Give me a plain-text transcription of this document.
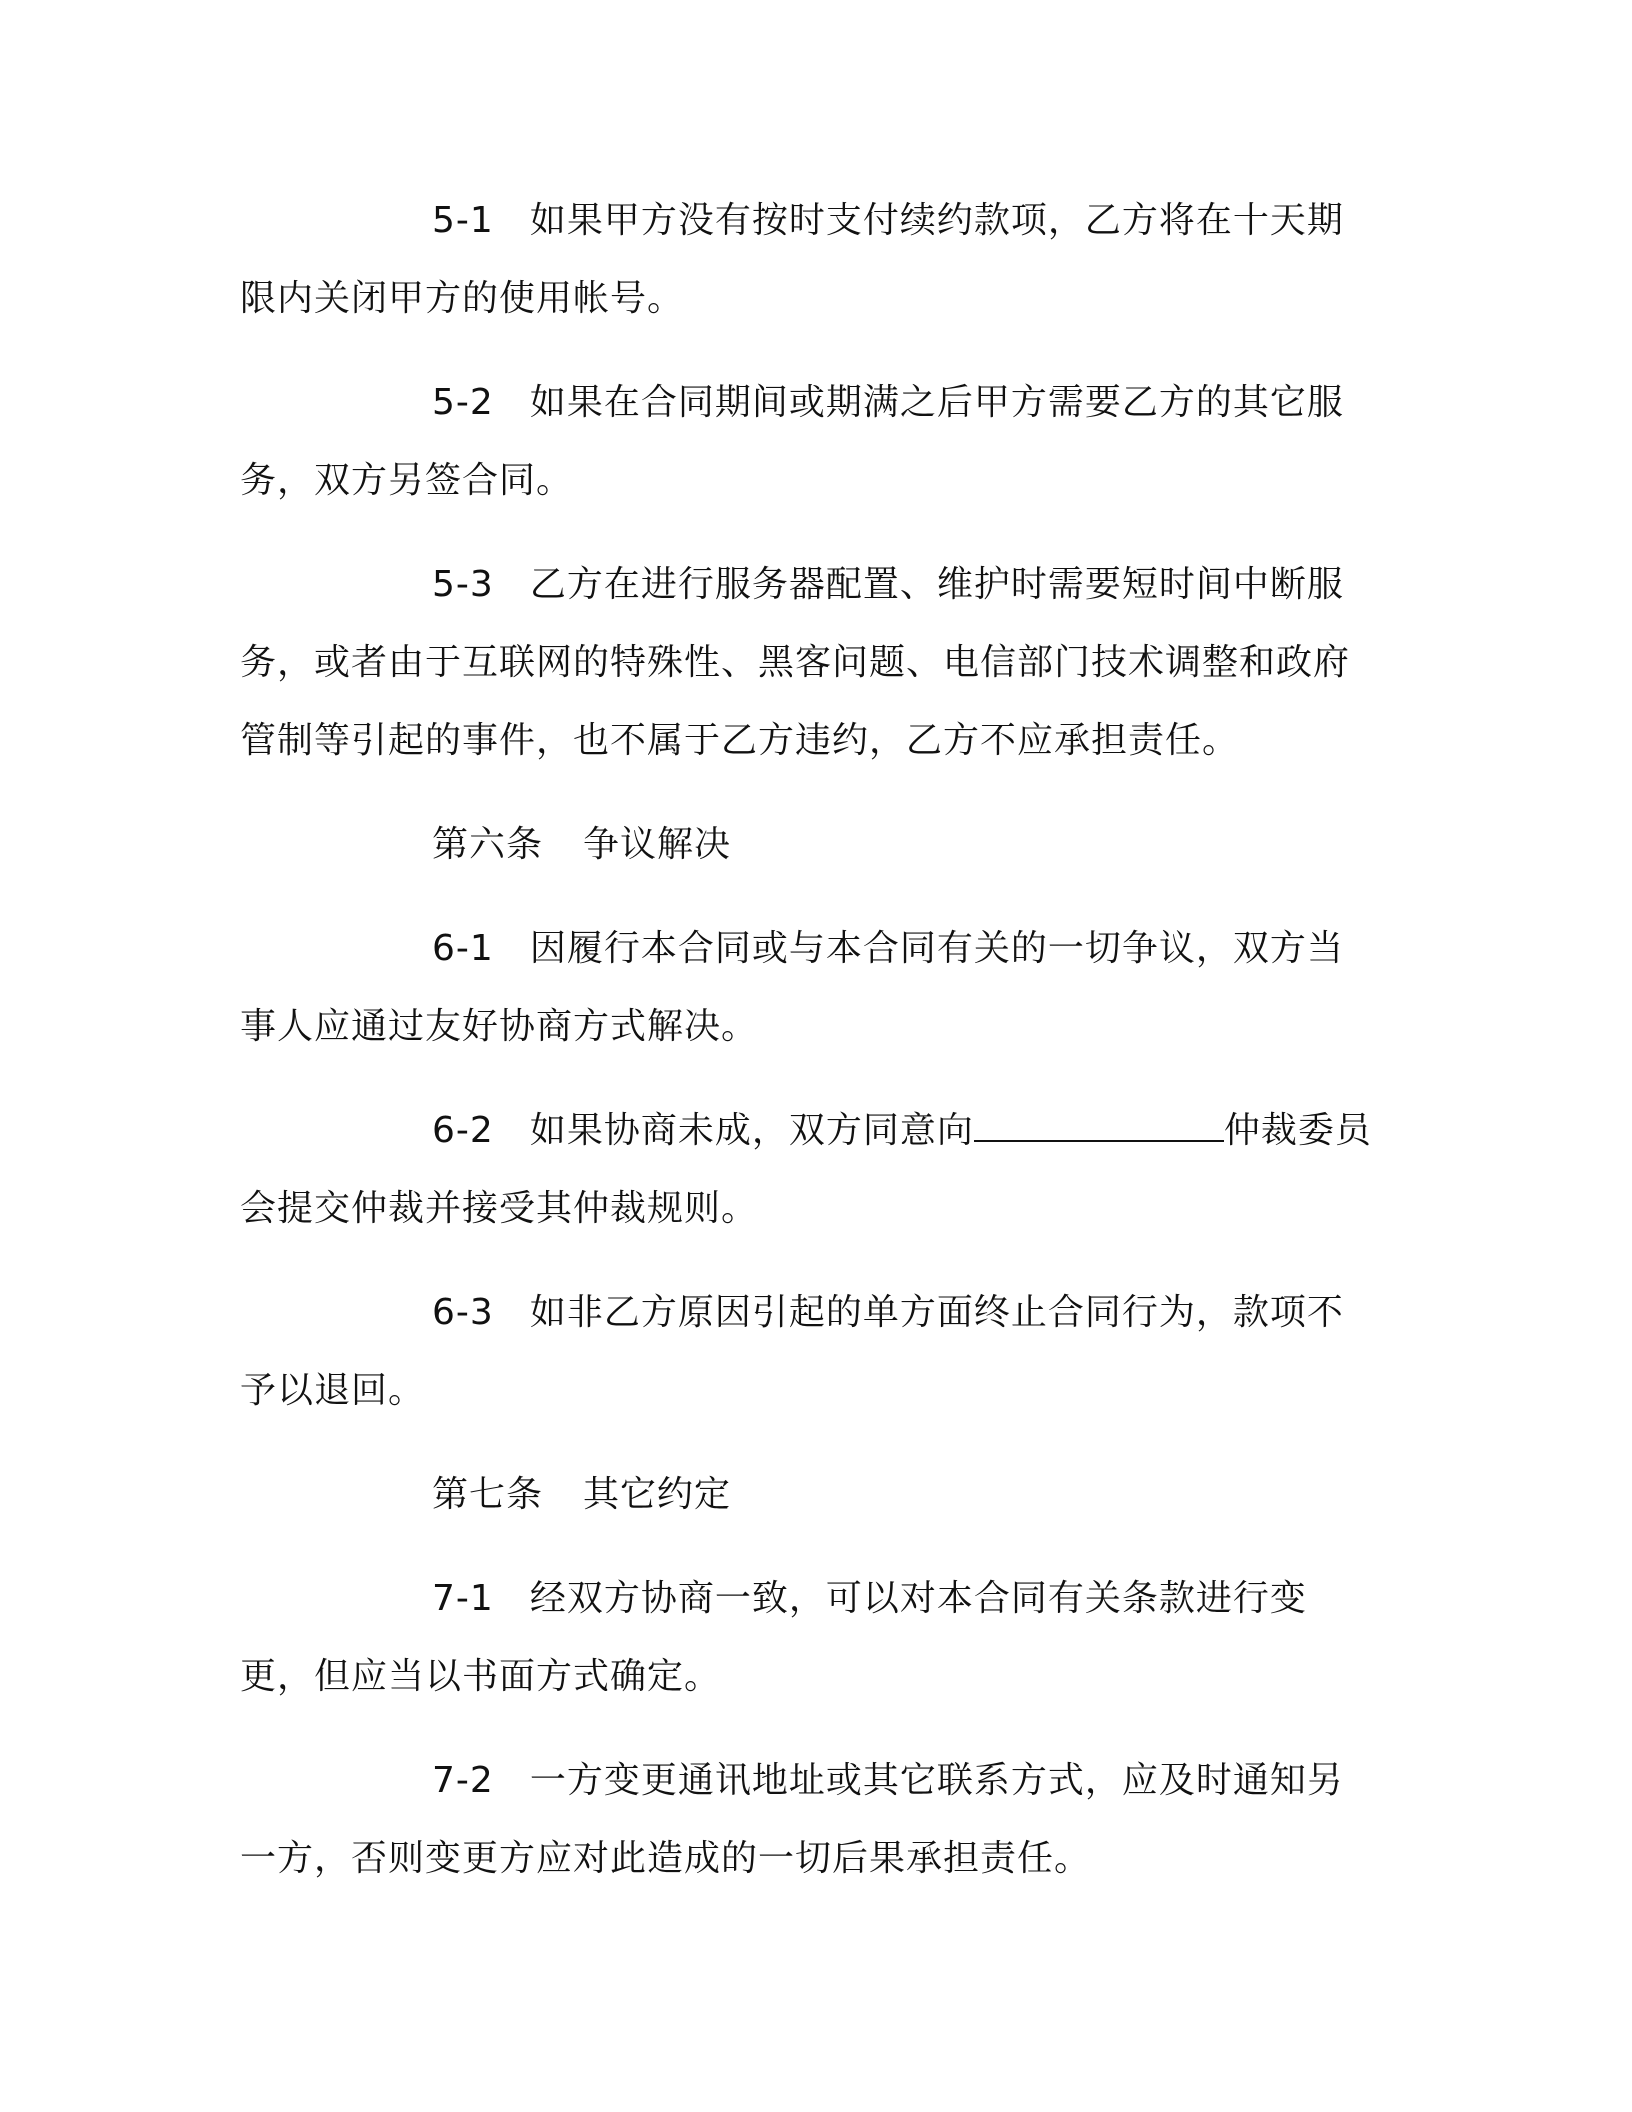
5-1 如果甲方没有按时支付续约款项，乙方将在十天期限内关闭甲方的使用帐号。

5-2 如果在合同期间或期满之后甲方需要乙方的其它服务，双方另签合同。

5-3 乙方在进行服务器配置、维护时需要短时间中断服务，或者由于互联网的特殊性、黑客问题、电信部门技术调整和政府管制等引起的事件，也不属于乙方违约，乙方不应承担责任。

第六条 争议解决

6-1 因履行本合同或与本合同有关的一切争议，双方当事人应通过友好协商方式解决。

6-2 如果协商未成，双方同意向	仲裁委员会提交仲裁并接受其仲裁规则。

6-3 如非乙方原因引起的单方面终止合同行为，款项不予以退回。

第七条 其它约定

7-1 经双方协商一致，可以对本合同有关条款进行变更，但应当以书面方式确定。

7-2 一方变更通讯地址或其它联系方式，应及时通知另一方，否则变更方应对此造成的一切后果承担责任。
